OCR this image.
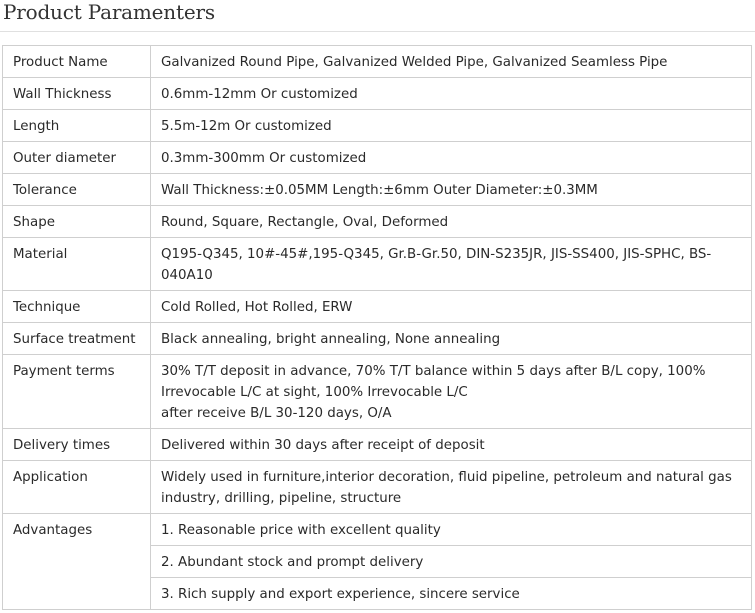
Product Paramenters
Product Name	Galvanized Round Pipe, Galvanized Welded Pipe, Galvanized Seamless Pipe
Wall Thickness	0.6mm-12mm Or customized
Length	5.5m-12m Or customized
Outer diameter	0.3mm-300mm Or customized
Tolerance	Wall Thickness:±0.05MM Length:±6mm Outer Diameter:±0.3MM
Shape	Round, Square, Rectangle, Oval, Deformed
Material	Q195-Q345, 10#-45#,195-Q345, Gr.B-Gr.50, DIN-S235JR, JIS-SS400, JIS-SPHC, BS-040A10
Technique	Cold Rolled, Hot Rolled, ERW
Surface treatment	Black annealing, bright annealing, None annealing
Payment terms	30% T/T deposit in advance, 70% T/T balance within 5 days after B/L copy, 100% Irrevocable L/C at sight, 100% Irrevocable L/C
after receive B/L 30-120 days, O/A
Delivery times	Delivered within 30 days after receipt of deposit
Application	Widely used in furniture,interior decoration, fluid pipeline, petroleum and natural gas industry, drilling, pipeline, structure
Advantages	1. Reasonable price with excellent quality
	2. Abundant stock and prompt delivery
	3. Rich supply and export experience, sincere service
